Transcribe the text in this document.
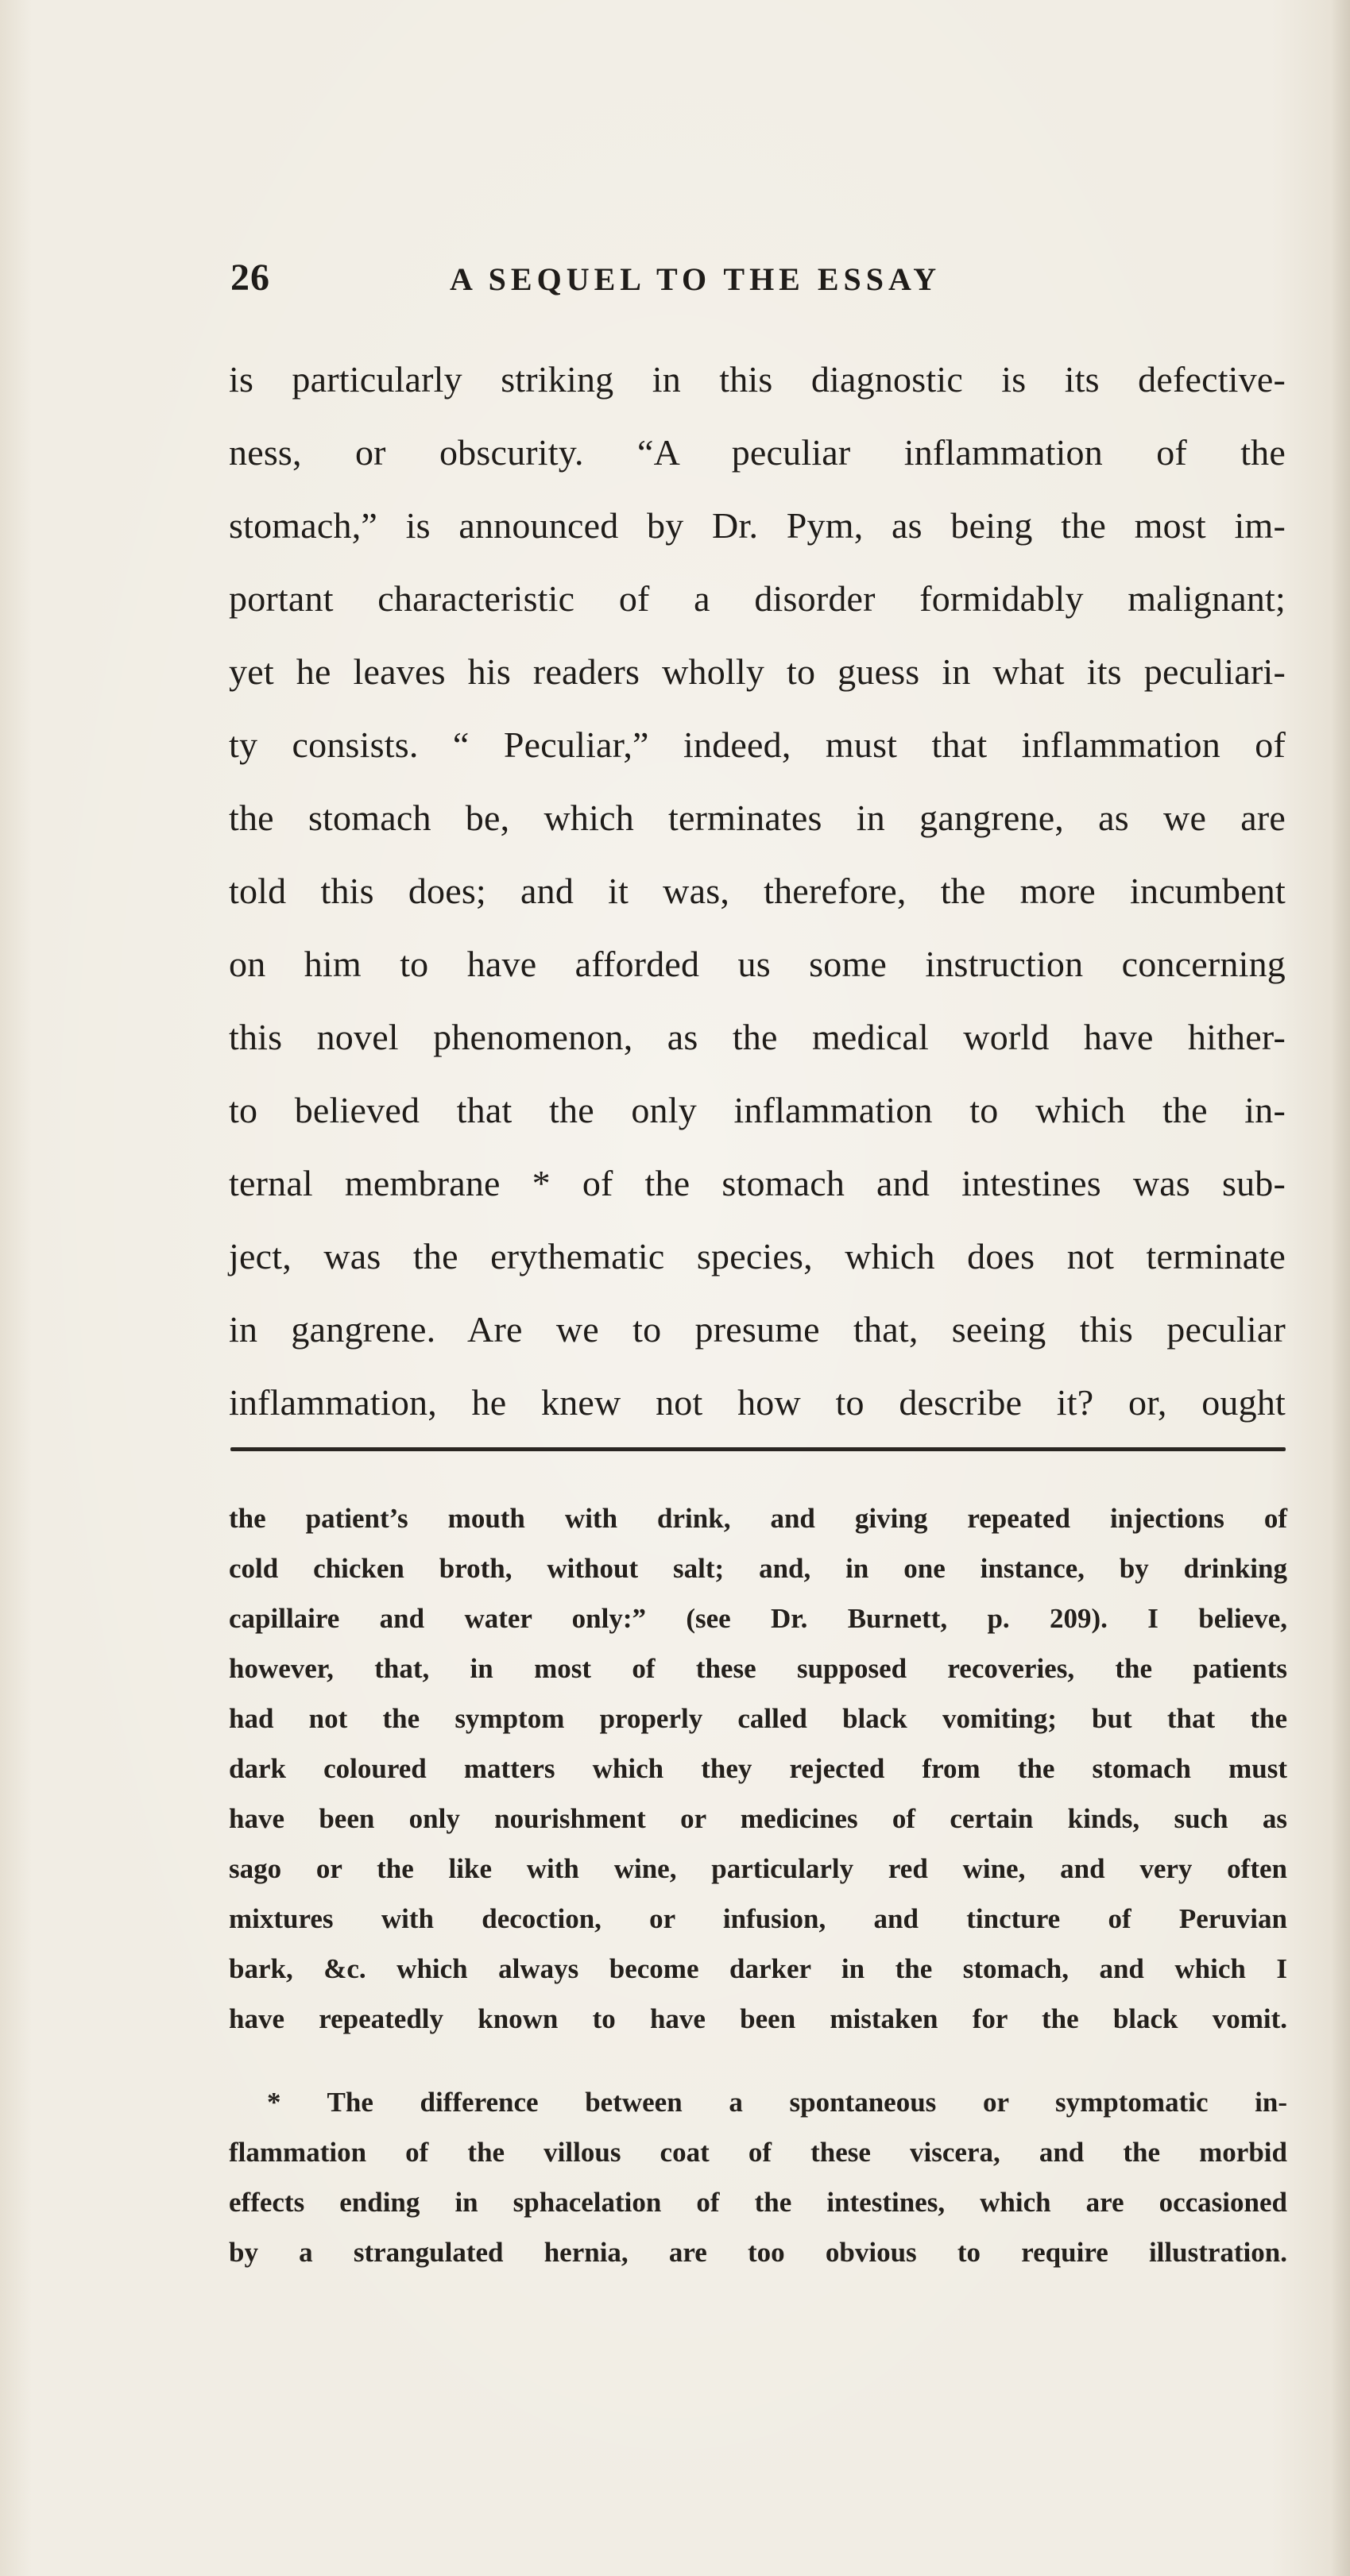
26	A SEQUEL TO THE ESSAY
is particularly striking in this diagnostic is its defective-
ness, or obscurity. “A peculiar inflammation of the
stomach,” is announced by Dr. Pym, as being the most im-
portant characteristic of a disorder formidably malignant;
yet he leaves his readers wholly to guess in what its peculiari-
ty consists. “ Peculiar,” indeed, must that inflammation of
the stomach be, which terminates in gangrene, as we are
told this does; and it was, therefore, the more incumbent
on him to have afforded us some instruction concerning
this novel phenomenon, as the medical world have hither-
to believed that the only inflammation to which the in-
ternal membrane * of the stomach and intestines was sub-
ject, was the erythematic species, which does not terminate
in gangrene. Are we to presume that, seeing this peculiar
inflammation, he knew not how to describe it? or, ought
the patient’s mouth with drink, and giving repeated injections of
cold chicken broth, without salt; and, in one instance, by drinking
capillaire and water only:” (see Dr. Burnett, p. 209). I believe,
however, that, in most of these supposed recoveries, the patients
had not the symptom properly called black vomiting; but that the
dark coloured matters which they rejected from the stomach must
have been only nourishment or medicines of certain kinds, such as
sago or the like with wine, particularly red wine, and very often
mixtures with decoction, or infusion, and tincture of Peruvian
bark, &c. which always become darker in the stomach, and which I
have repeatedly known to have been mistaken for the black vomit.
* The difference between a spontaneous or symptomatic in-
flammation of the villous coat of these viscera, and the morbid
effects ending in sphacelation of the intestines, which are occasioned
by a strangulated hernia, are too obvious to require illustration.
